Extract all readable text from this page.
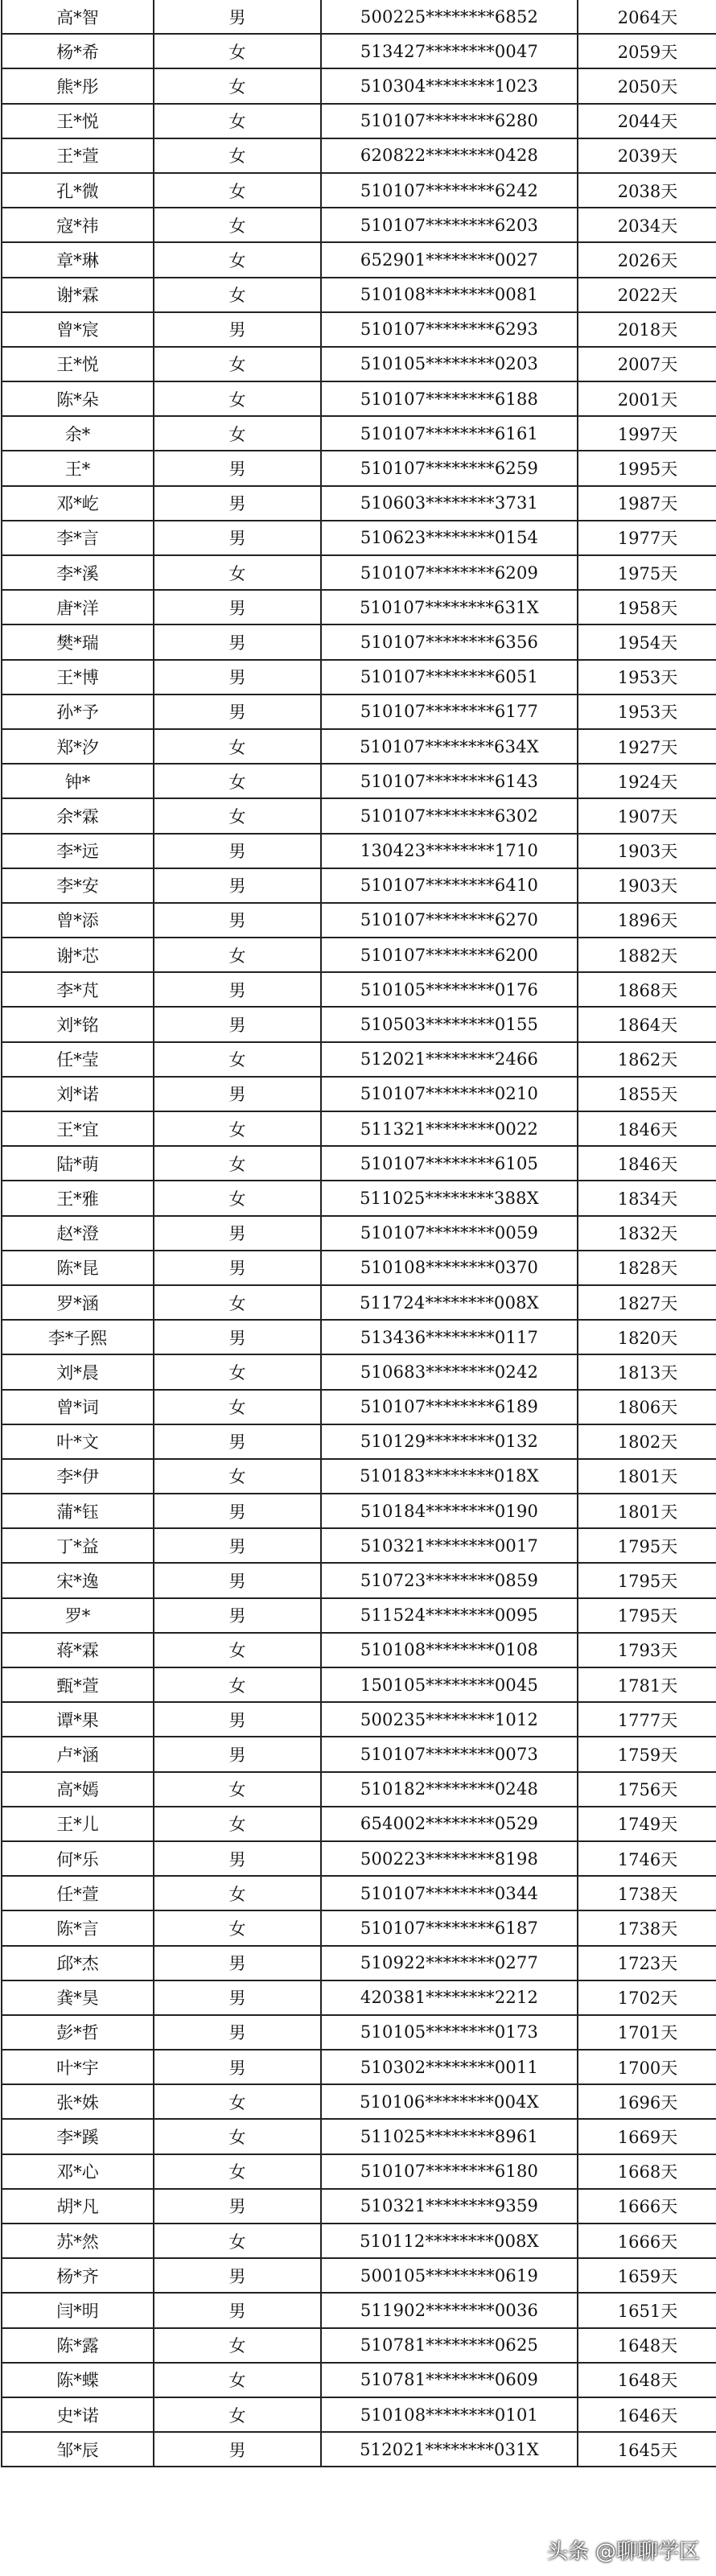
高*智	男	500225********6852	2064天
杨*希	女	513427********0047	2059天
熊*彤	女	510304********1023	2050天
王*悦	女	510107********6280	2044天
王*萱	女	620822********0428	2039天
孔*微	女	510107********6242	2038天
寇*祎	女	510107********6203	2034天
章*琳	女	652901********0027	2026天
谢*霖	女	510108********0081	2022天
曾*宸	男	510107********6293	2018天
王*悦	女	510105********0203	2007天
陈*朵	女	510107********6188	2001天
余*	女	510107********6161	1997天
王*	男	510107********6259	1995天
邓*屹	男	510603********3731	1987天
李*言	男	510623********0154	1977天
李*溪	女	510107********6209	1975天
唐*洋	男	510107********631X	1958天
樊*瑞	男	510107********6356	1954天
王*博	男	510107********6051	1953天
孙*予	男	510107********6177	1953天
郑*汐	女	510107********634X	1927天
钟*	女	510107********6143	1924天
余*霖	女	510107********6302	1907天
李*远	男	130423********1710	1903天
李*安	男	510107********6410	1903天
曾*添	男	510107********6270	1896天
谢*芯	女	510107********6200	1882天
李*芃	男	510105********0176	1868天
刘*铭	男	510503********0155	1864天
任*莹	女	512021********2466	1862天
刘*诺	男	510107********0210	1855天
王*宜	女	511321********0022	1846天
陆*萌	女	510107********6105	1846天
王*雅	女	511025********388X	1834天
赵*澄	男	510107********0059	1832天
陈*昆	男	510108********0370	1828天
罗*涵	女	511724********008X	1827天
李*子熙	男	513436********0117	1820天
刘*晨	女	510683********0242	1813天
曾*词	女	510107********6189	1806天
叶*文	男	510129********0132	1802天
李*伊	女	510183********018X	1801天
蒲*钰	男	510184********0190	1801天
丁*益	男	510321********0017	1795天
宋*逸	男	510723********0859	1795天
罗*	男	511524********0095	1795天
蒋*霖	女	510108********0108	1793天
甄*萱	女	150105********0045	1781天
谭*果	男	500235********1012	1777天
卢*涵	男	510107********0073	1759天
高*嫣	女	510182********0248	1756天
王*儿	女	654002********0529	1749天
何*乐	男	500223********8198	1746天
任*萱	女	510107********0344	1738天
陈*言	女	510107********6187	1738天
邱*杰	男	510922********0277	1723天
龚*昊	男	420381********2212	1702天
彭*哲	男	510105********0173	1701天
叶*宇	男	510302********0011	1700天
张*姝	女	510106********004X	1696天
李*蹊	女	511025********8961	1669天
邓*心	女	510107********6180	1668天
胡*凡	男	510321********9359	1666天
苏*然	女	510112********008X	1666天
杨*齐	男	500105********0619	1659天
闫*明	男	511902********0036	1651天
陈*露	女	510781********0625	1648天
陈*蝶	女	510781********0609	1648天
史*诺	女	510108********0101	1646天
邹*辰	男	512021********031X	1645天
头条 @聊聊学区
